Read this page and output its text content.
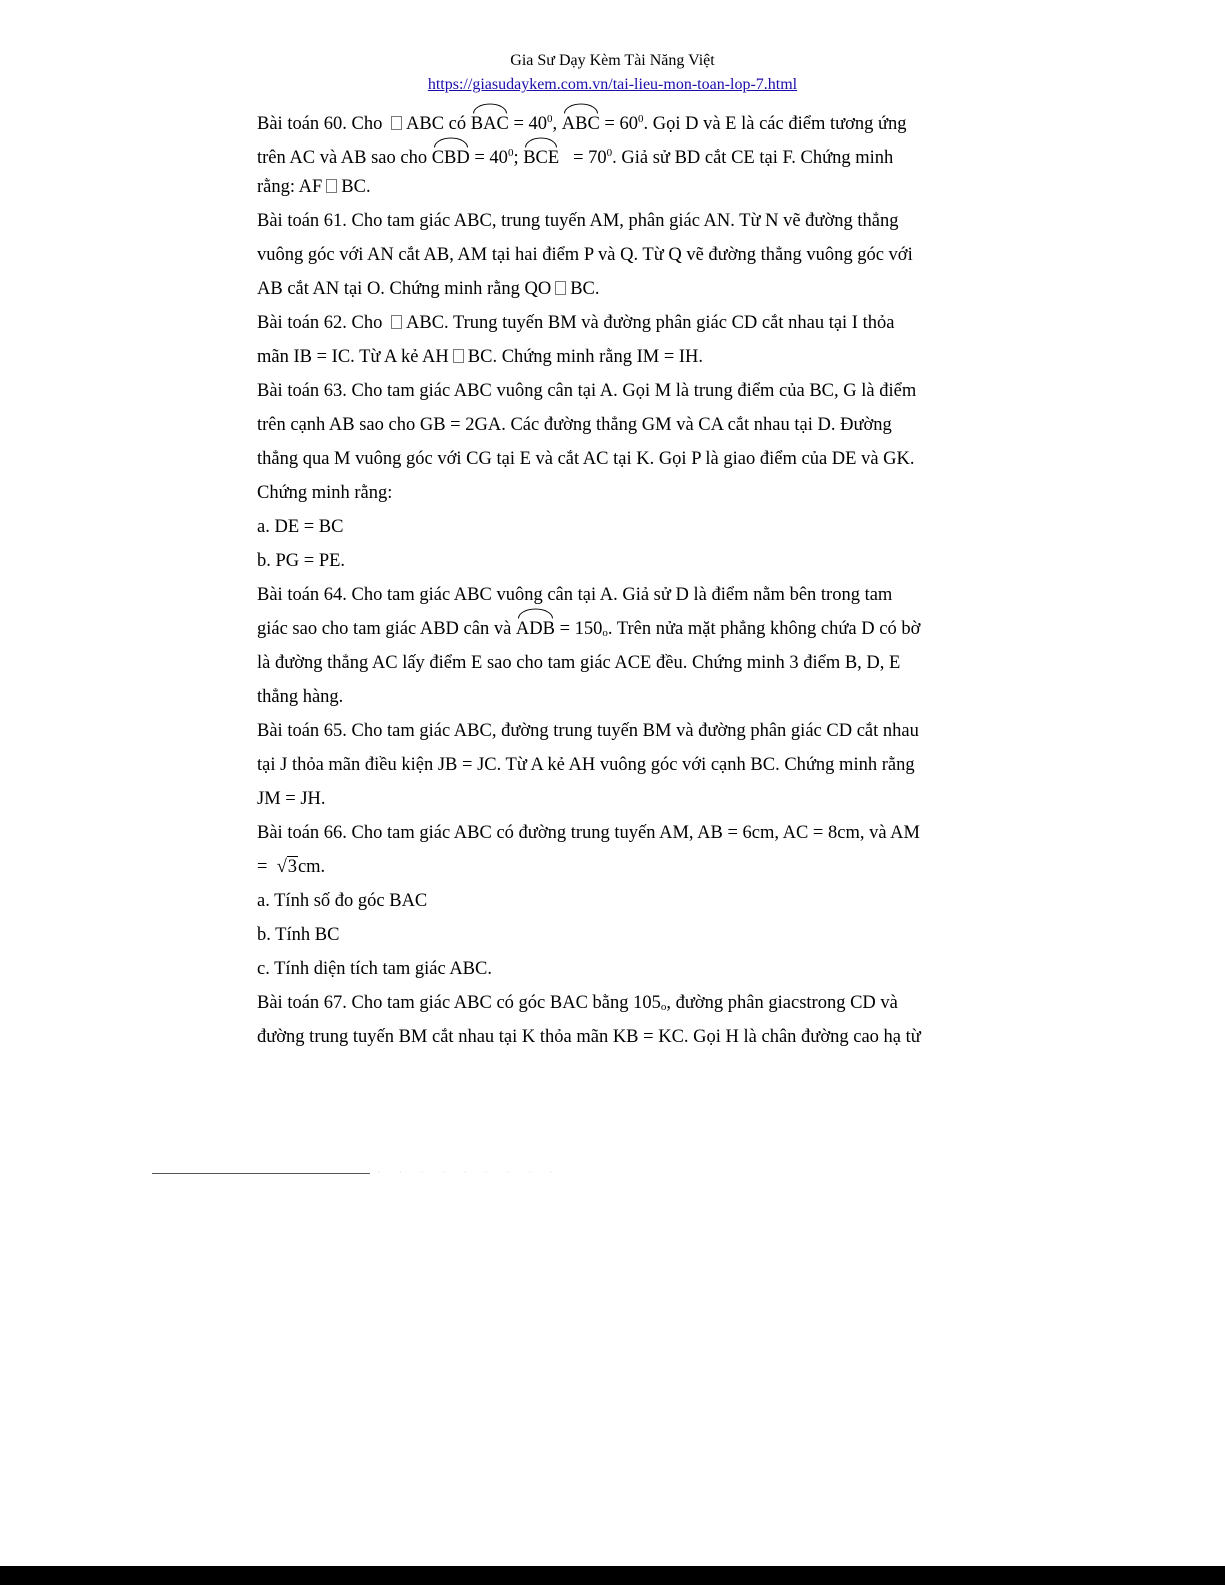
Gia Sư Dạy Kèm Tài Năng Việt
https://giasudaykem.com.vn/tai-lieu-mon-toan-lop-7.html
Bài toán 60. Cho ABC có BAC = $40^0$, ABC = $60^0$. Gọi D và E là các điểm tương ứng
trên AC và AB sao cho CBD = $40^0$; BCE = $70^0$. Giả sử BD cắt CE tại F. Chứng minh
rằng: AF BC.
Bài toán 61. Cho tam giác ABC, trung tuyến AM, phân giác AN. Từ N vẽ đường thẳng
vuông góc với AN cắt AB, AM tại hai điểm P và Q. Từ Q vẽ đường thẳng vuông góc với
AB cắt AN tại O. Chứng minh rằng QO BC.
Bài toán 62. Cho ABC. Trung tuyến BM và đường phân giác CD cắt nhau tại I thỏa
mãn IB = IC. Từ A kẻ AH BC. Chứng minh rằng IM = IH.
Bài toán 63. Cho tam giác ABC vuông cân tại A. Gọi M là trung điểm của BC, G là điểm
trên cạnh AB sao cho GB = 2GA. Các đường thẳng GM và CA cắt nhau tại D. Đường
thẳng qua M vuông góc với CG tại E và cắt AC tại K. Gọi P là giao điểm của DE và GK.
Chứng minh rằng:
a. DE = BC
b. PG = PE.
Bài toán 64. Cho tam giác ABC vuông cân tại A. Giả sử D là điểm nằm bên trong tam
giác sao cho tam giác ABD cân và ADB = $150_o$. Trên nửa mặt phẳng không chứa D có bờ
là đường thẳng AC lấy điểm E sao cho tam giác ACE đều. Chứng minh 3 điểm B, D, E
thẳng hàng.
Bài toán 65. Cho tam giác ABC, đường trung tuyến BM và đường phân giác CD cắt nhau
tại J thỏa mãn điều kiện JB = JC. Từ A kẻ AH vuông góc với cạnh BC. Chứng minh rằng
JM = JH.
Bài toán 66. Cho tam giác ABC có đường trung tuyến AM, AB = 6cm, AC = 8cm, và AM
= √ 3cm.
a. Tính số đo góc BAC
b. Tính BC
c. Tính diện tích tam giác ABC.
Bài toán 67. Cho tam giác ABC có góc BAC bằng $105_o$, đường phân giacstrong CD và
đường trung tuyến BM cắt nhau tại K thỏa mãn KB = KC. Gọi H là chân đường cao hạ từ
· · · · · · · · ·
